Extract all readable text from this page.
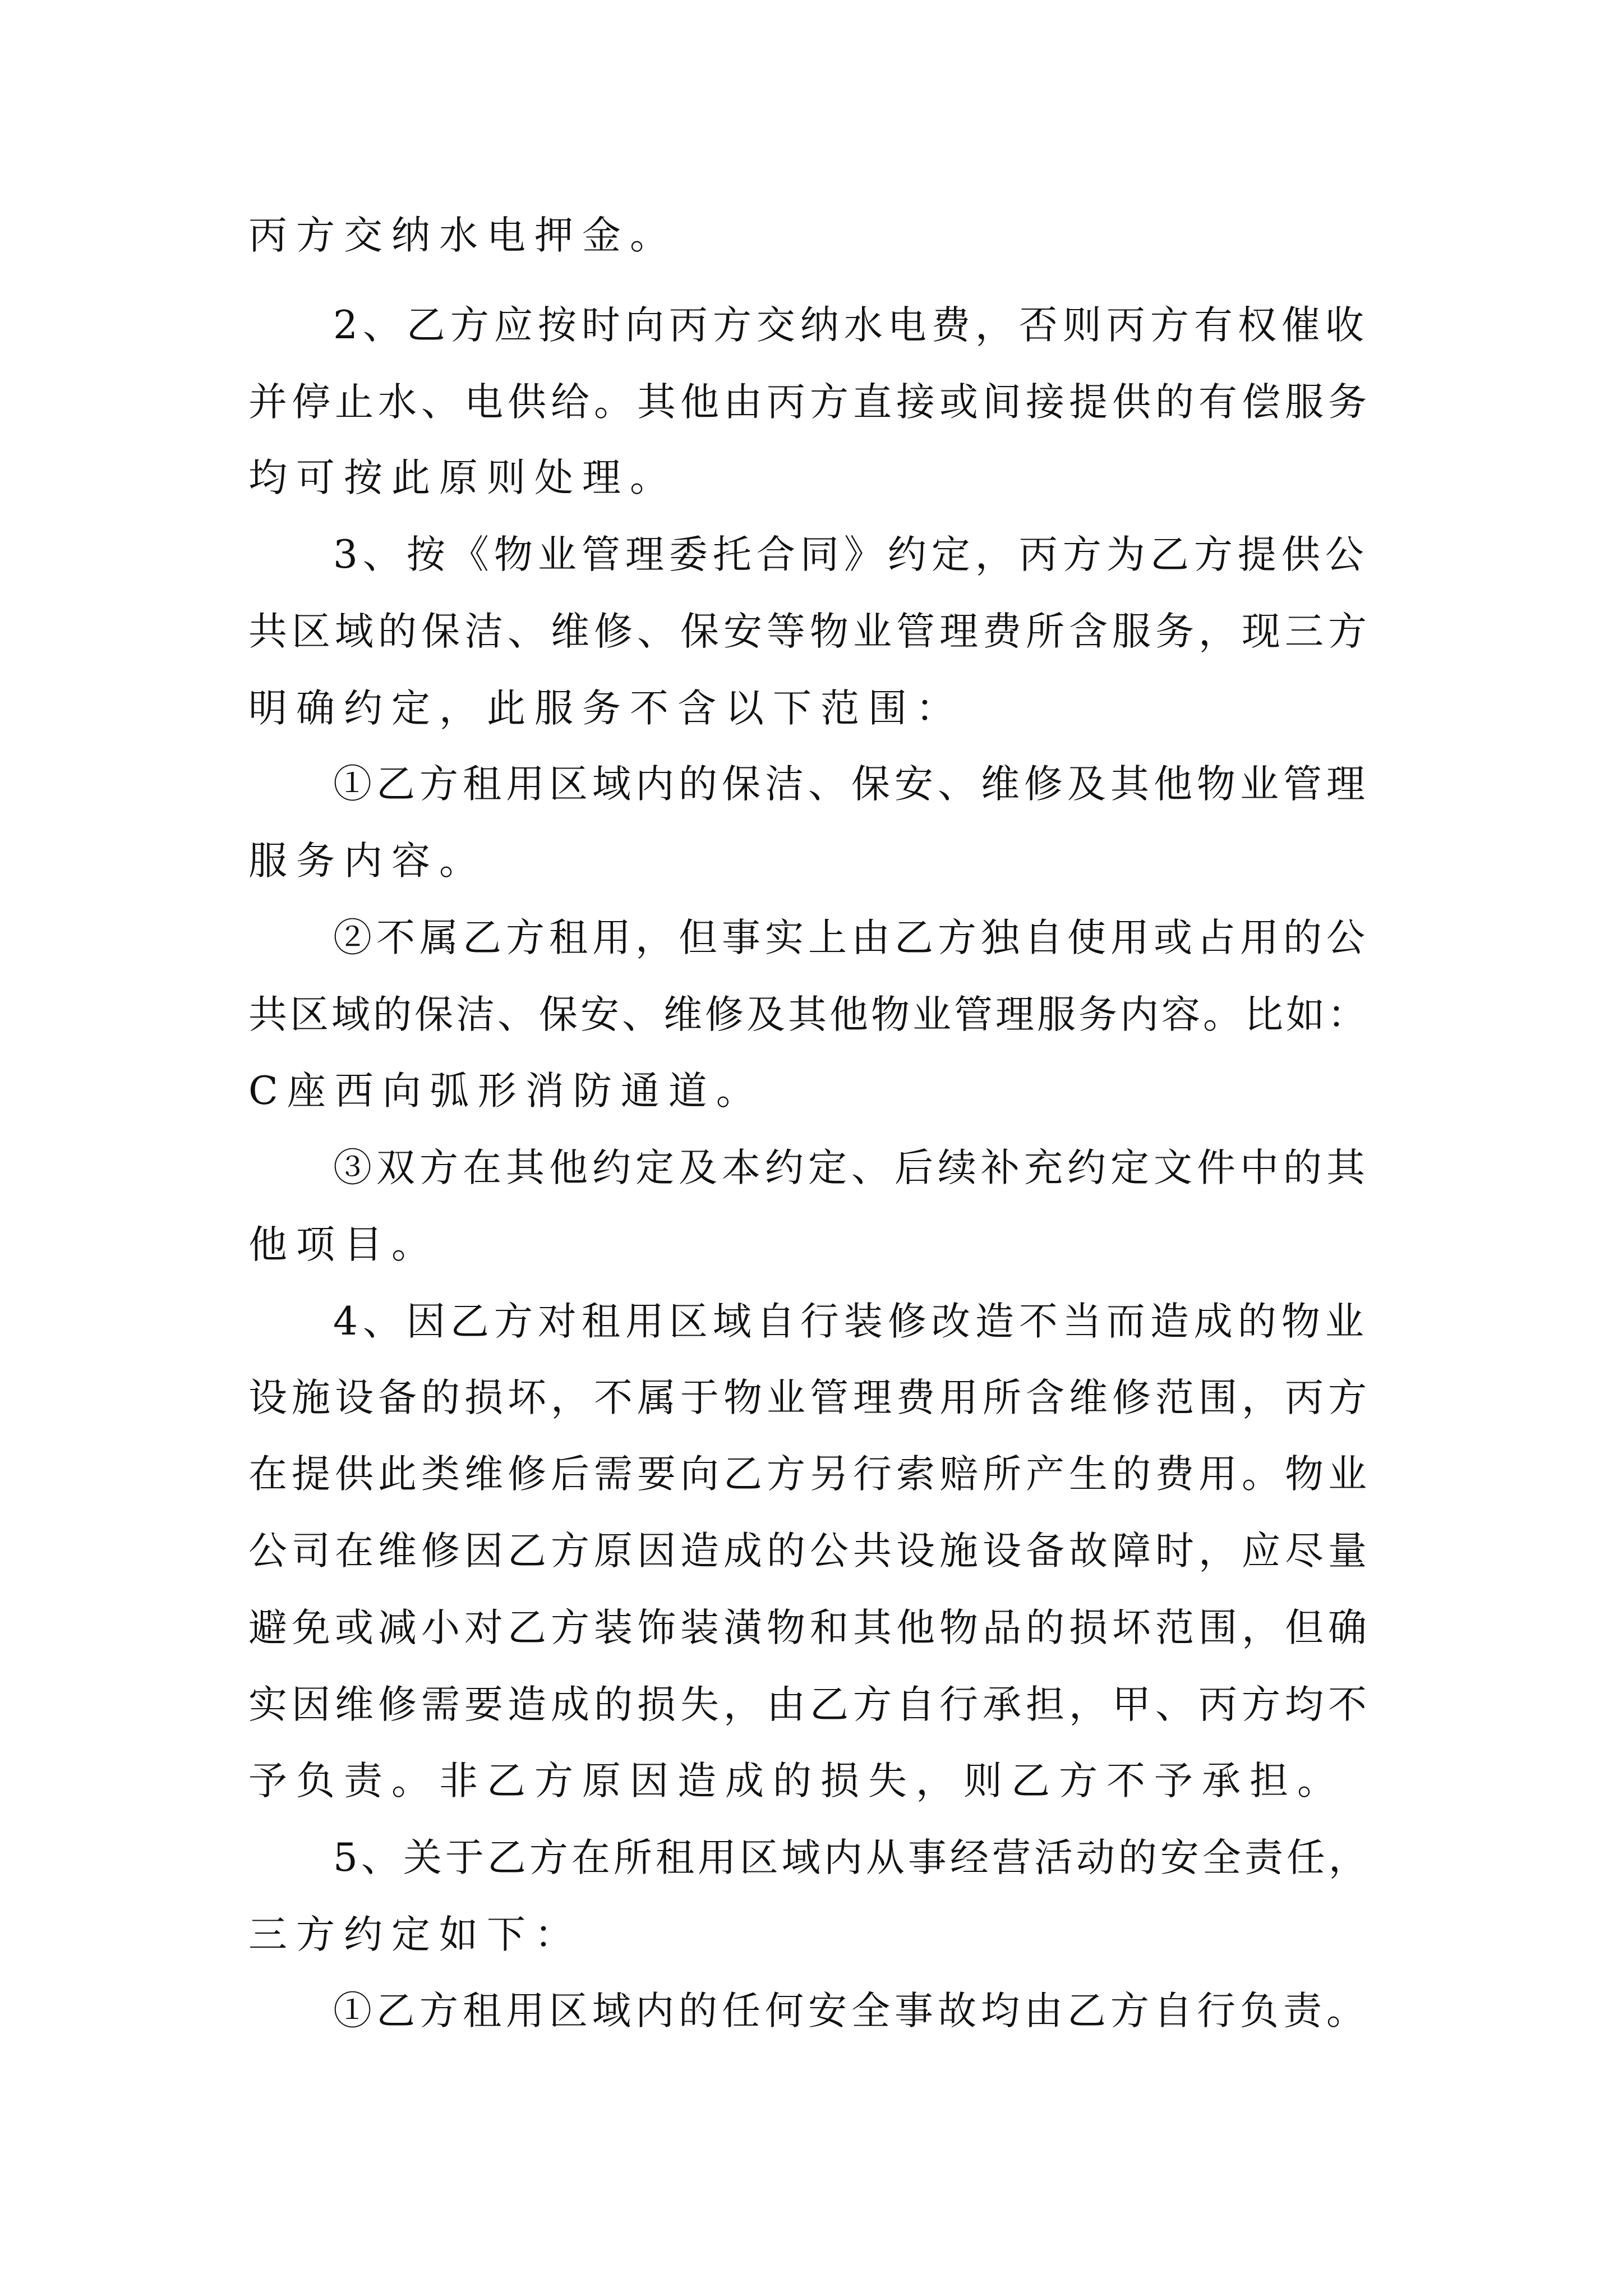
丙方交纳水电押金。
2、乙方应按时向丙方交纳水电费，否则丙方有权催收
并停止水、电供给。其他由丙方直接或间接提供的有偿服务
均可按此原则处理。
3、按《物业管理委托合同》约定，丙方为乙方提供公
共区域的保洁、维修、保安等物业管理费所含服务，现三方
明确约定，此服务不含以下范围：
①乙方租用区域内的保洁、保安、维修及其他物业管理
服务内容。
②不属乙方租用，但事实上由乙方独自使用或占用的公
共区域的保洁、保安、维修及其他物业管理服务内容。比如：
C座西向弧形消防通道。
③双方在其他约定及本约定、后续补充约定文件中的其
他项目。
4、因乙方对租用区域自行装修改造不当而造成的物业
设施设备的损坏，不属于物业管理费用所含维修范围，丙方
在提供此类维修后需要向乙方另行索赔所产生的费用。物业
公司在维修因乙方原因造成的公共设施设备故障时，应尽量
避免或减小对乙方装饰装潢物和其他物品的损坏范围，但确
实因维修需要造成的损失，由乙方自行承担，甲、丙方均不
予负责。非乙方原因造成的损失，则乙方不予承担。
5、关于乙方在所租用区域内从事经营活动的安全责任，
三方约定如下：
①乙方租用区域内的任何安全事故均由乙方自行负责。
